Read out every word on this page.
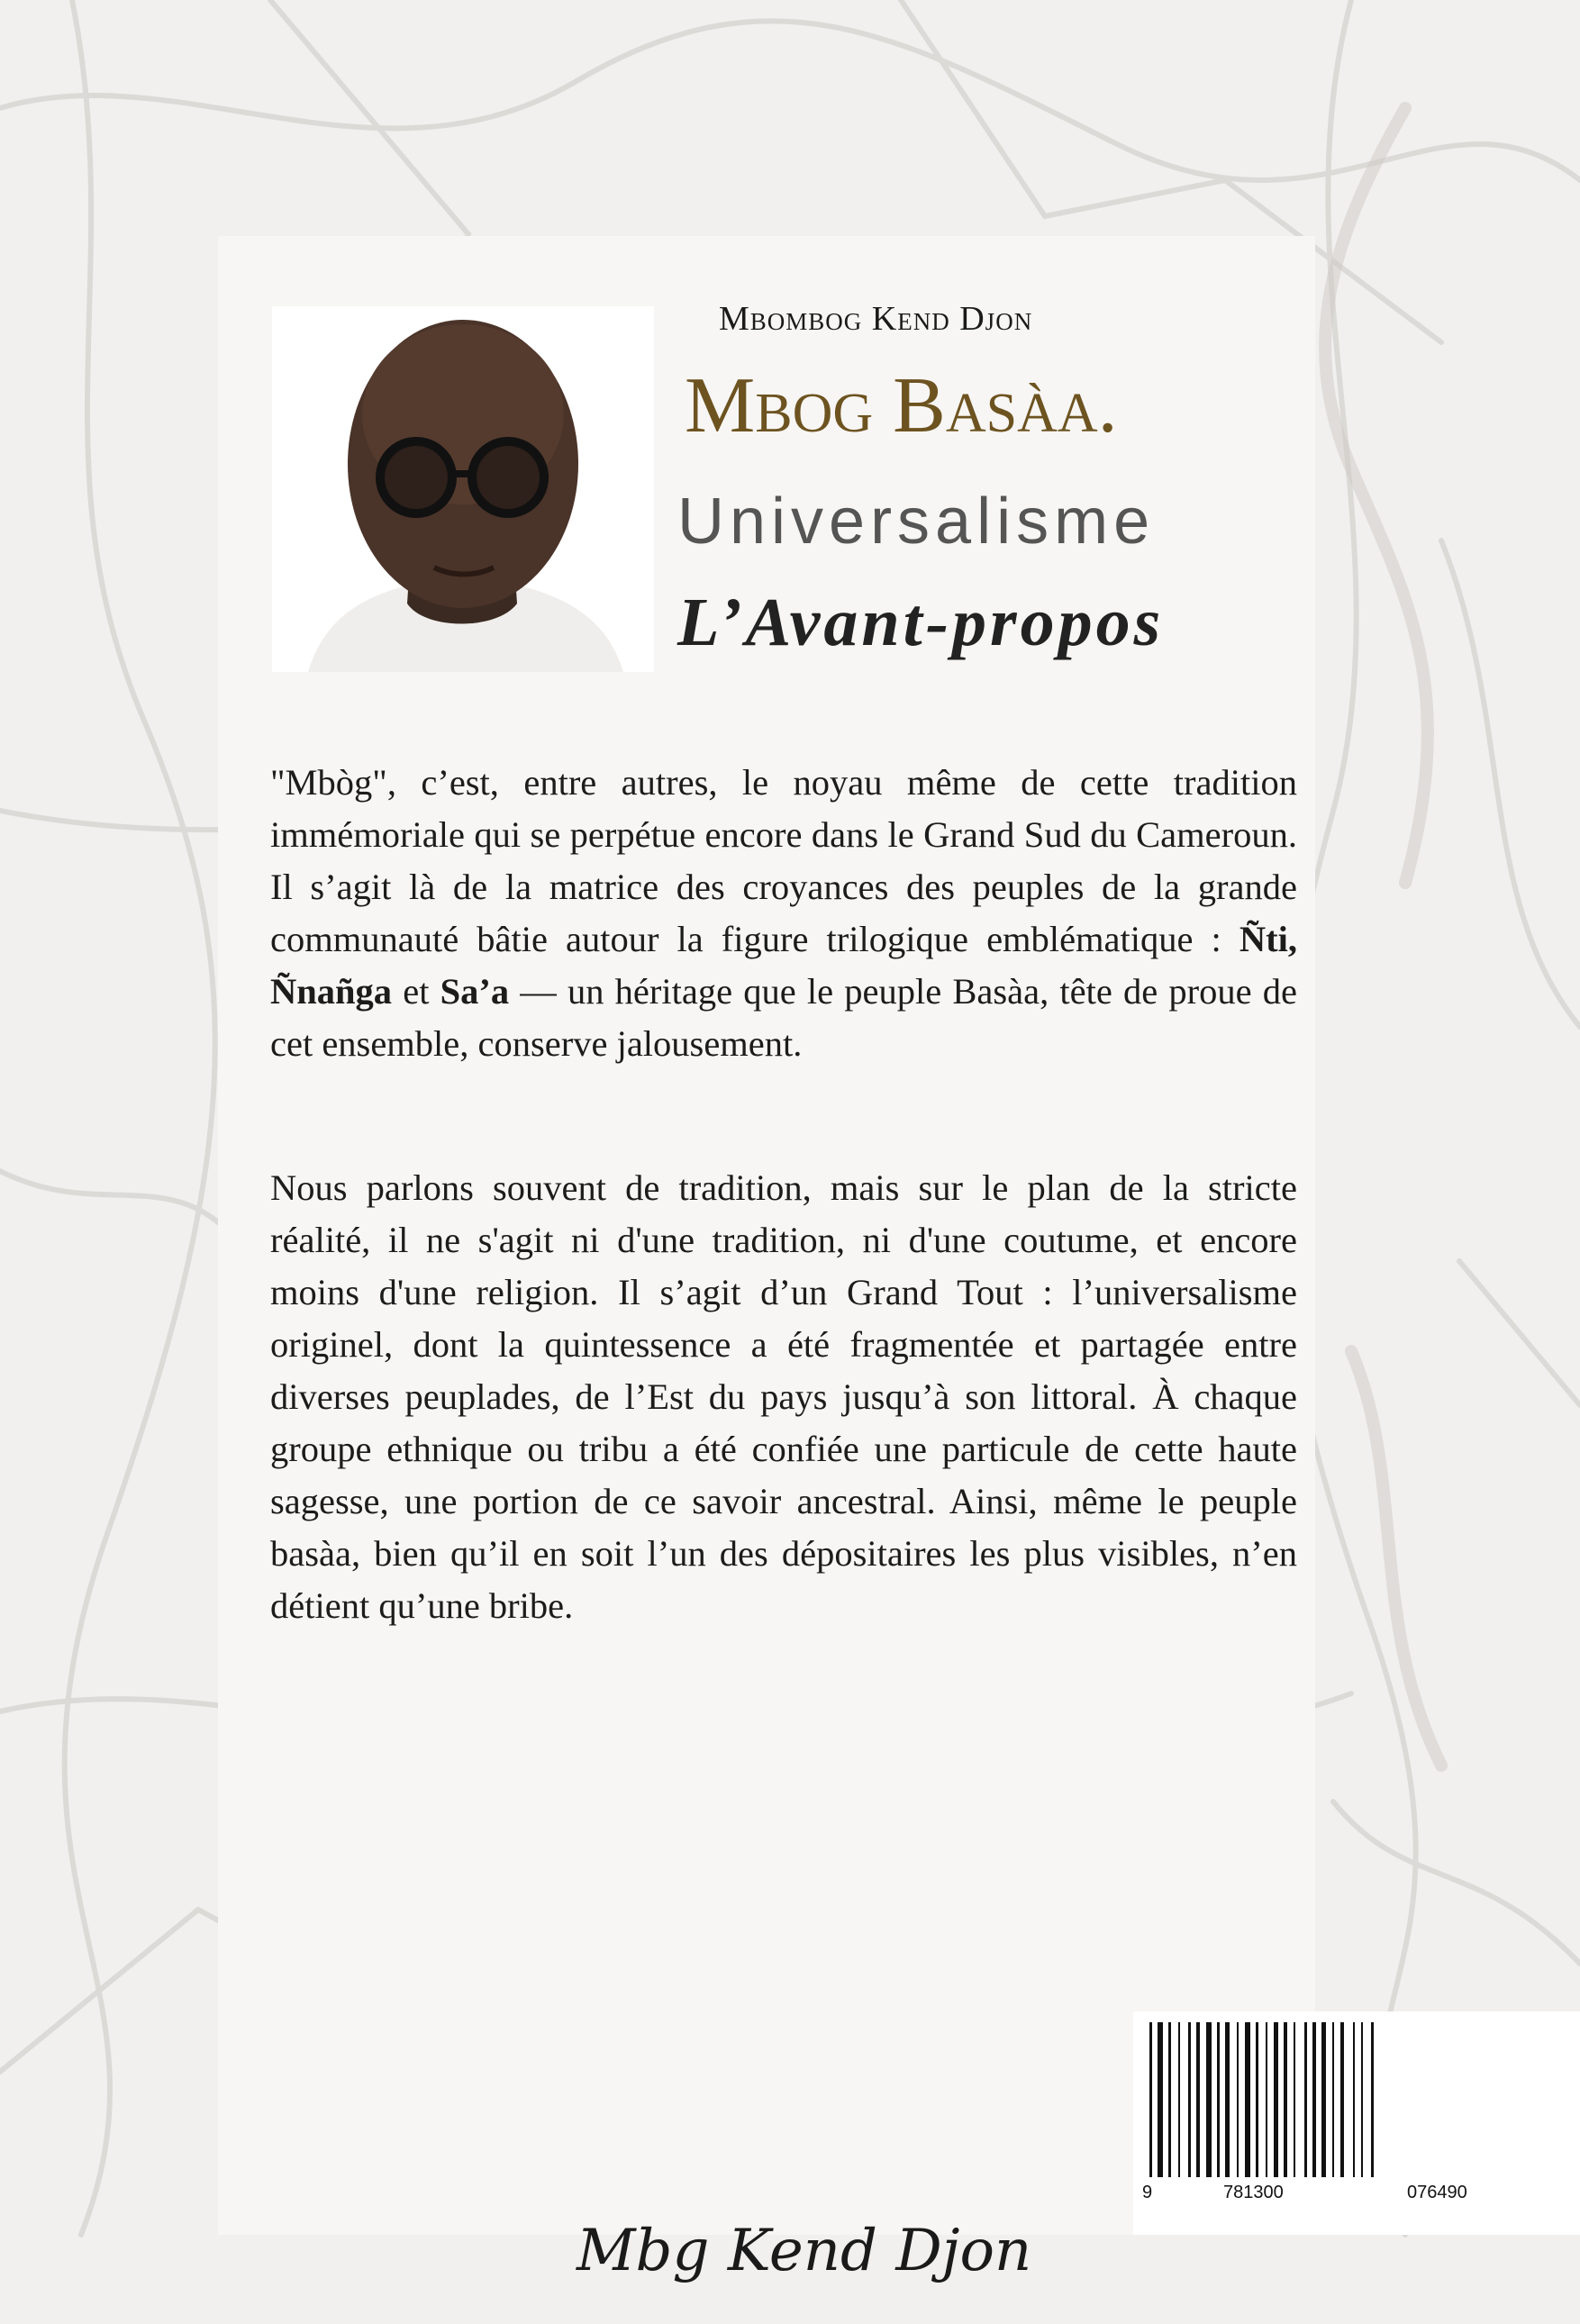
Mbombog Kend Djon
Mbog Basàa.
Universalisme
L’Avant-propos

"Mbòg", c’est, entre autres, le noyau même de cette tradition immémoriale qui se perpétue encore dans le Grand Sud du Cameroun. Il s’agit là de la matrice des croyances des peuples de la grande communauté bâtie autour la figure trilogique emblématique : Ñti, Ñnañga et Sa’a — un héritage que le peuple Basàa, tête de proue de cet ensemble, conserve jalousement.

Nous parlons souvent de tradition, mais sur le plan de la stricte réalité, il ne s'agit ni d'une tradition, ni d'une coutume, et encore moins d'une religion. Il s’agit d’un Grand Tout : l’universalisme originel, dont la quintessence a été fragmentée et partagée entre diverses peuplades, de l’Est du pays jusqu’à son littoral. À chaque groupe ethnique ou tribu a été confiée une particule de cette haute sagesse, une portion de ce savoir ancestral. Ainsi, même le peuple basàa, bien qu’il en soit l’un des dépositaires les plus visibles, n’en détient qu’une bribe.

Mbg Kend Djon
9	781300	076490
